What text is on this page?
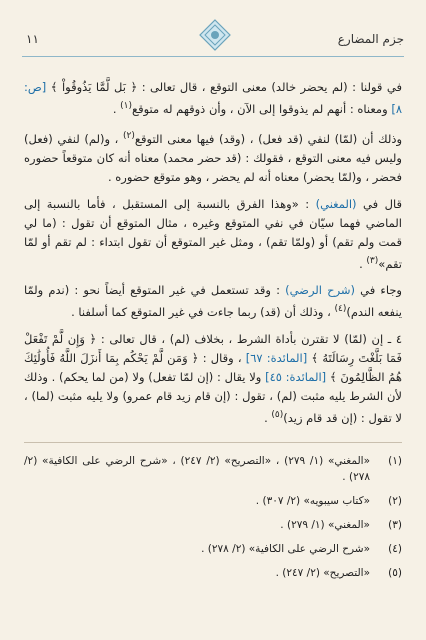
جزم المضارع
١١
في قولنا : (لم يحضر خالد) معنى التوقع ، قال تعالى : ﴿ بَل لَّمَّا يَذُوقُواْ ﴾ [ص: ٨] ومعناه : أنهم لم يذوقوا إلى الآن ، وأن ذوقهم له متوقع$^{(١)}$ .
وذلك أن (لمّا) لنفي (قد فعل) ، (وقد) فيها معنى التوقع$^{(٢)}$ ، و(لم) لنفي (فعل) وليس فيه معنى التوقع ، فقولك : (قد حضر محمد) معناه أنه كان متوقعاً حضوره فحضر ، و(لمّا يحضر) معناه أنه لم يحضر ، وهو متوقع حضوره .
قال في (المغني) : «وهذا الفرق بالنسبة إلى المستقبل ، فأما بالنسبة إلى الماضي فهما سيّان في نفي المتوقع وغيره ، مثال المتوقع أن تقول : (ما لي قمت ولم تقم) أو (ولمّا تقم) ، ومثل غير المتوقع أن تقول ابتداء : لم تقم أو لمّا تقم»$^{(٣)}$ .
وجاء في (شرح الرضي) : وقد تستعمل في غير المتوقع أيضاً نحو : (ندم ولمّا ينفعه الندم)$^{(٤)}$ ، وذلك أن (قد) ربما جاءت في غير المتوقع كما أسلفنا .
٤ ـ إن (لمّا) لا تقترن بأداة الشرط ، بخلاف (لم) ، قال تعالى : ﴿ وَإِن لَّمْ تَفْعَلْ فَمَا بَلَّغْتَ رِسَالَتَهُ ﴾ [المائدة: ٦٧] ، وقال : ﴿ وَمَن لَّمْ يَحْكُم بِمَا أَنزَلَ اللَّهُ فَأُولَٰئِكَ هُمُ الظَّالِمُونَ ﴾ [المائدة: ٤٥] ولا يقال : (إن لمّا تفعل) ولا (من لما يحكم) . وذلك لأن الشرط يليه مثبت (لم) ، تقول : (إن قام زيد قام عمرو) ولا يليه مثبت (لما) ، لا تقول : (إن قد قام زيد)$^{(٥)}$ .
(١)
«المغني» (١/ ٢٧٩) ، «التصريح» (٢/ ٢٤٧) ، «شرح الرضي على الكافية» (٢/ ٢٧٨) .
(٢)
«كتاب سيبويه» (٢/ ٣٠٧) .
(٣)
«المغني» (١/ ٢٧٩) .
(٤)
«شرح الرضي على الكافية» (٢/ ٢٧٨) .
(٥)
«التصريح» (٢/ ٢٤٧) .
